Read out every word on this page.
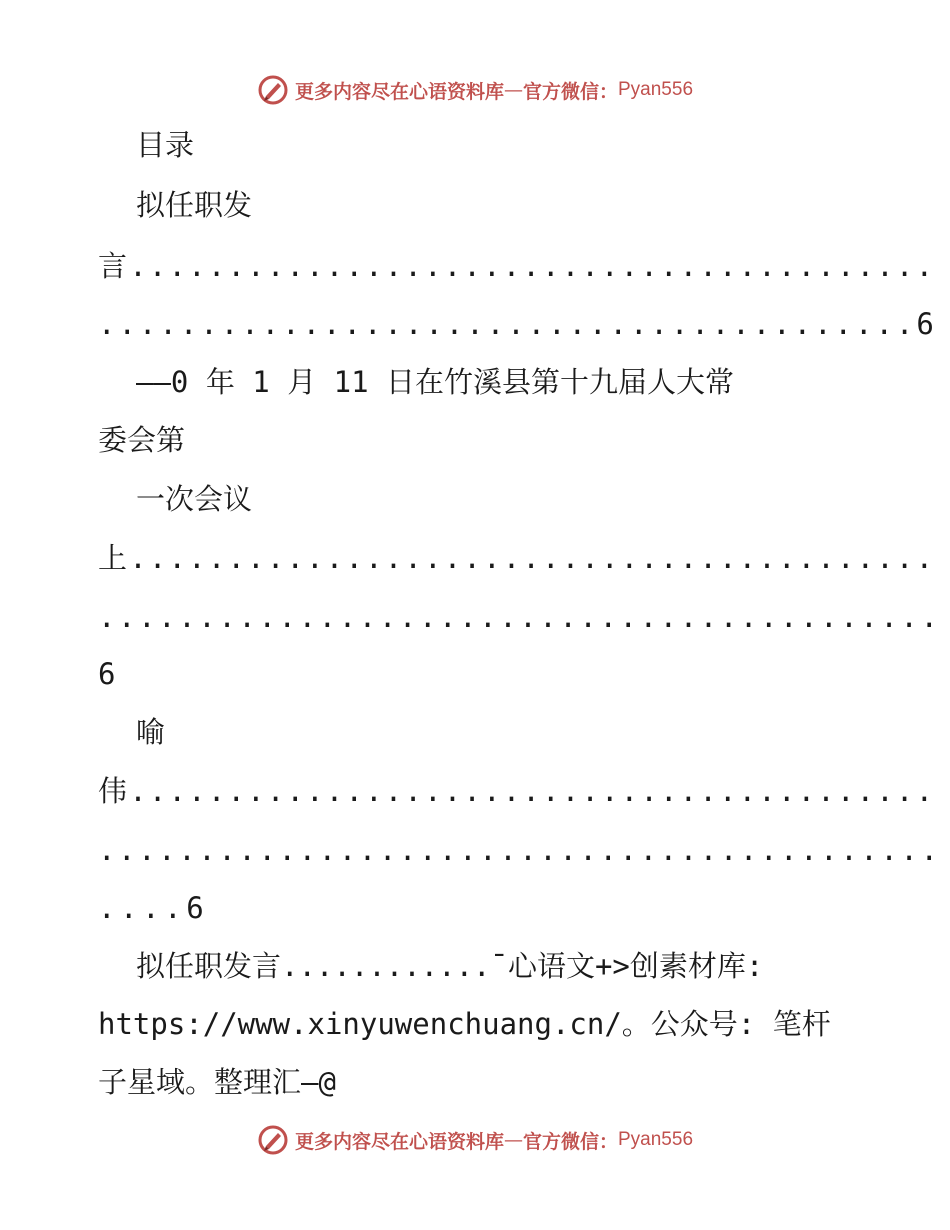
更多内容尽在心语资料库 — 官方微信： Pyan556
目录
拟任职发
言.........................................
........................................6
——0 年 1 月 11 日在竹溪县第十九届人大常
委会第
一次会议
上.........................................
..........................................
6
喻
伟.........................................
..........................................
....6
拟任职发言............¯心语文+>创素材库:
https://www.xinyuwenchuang.cn/。公众号: 笔杆
子星域。整理汇—@
更多内容尽在心语资料库 — 官方微信： Pyan556
